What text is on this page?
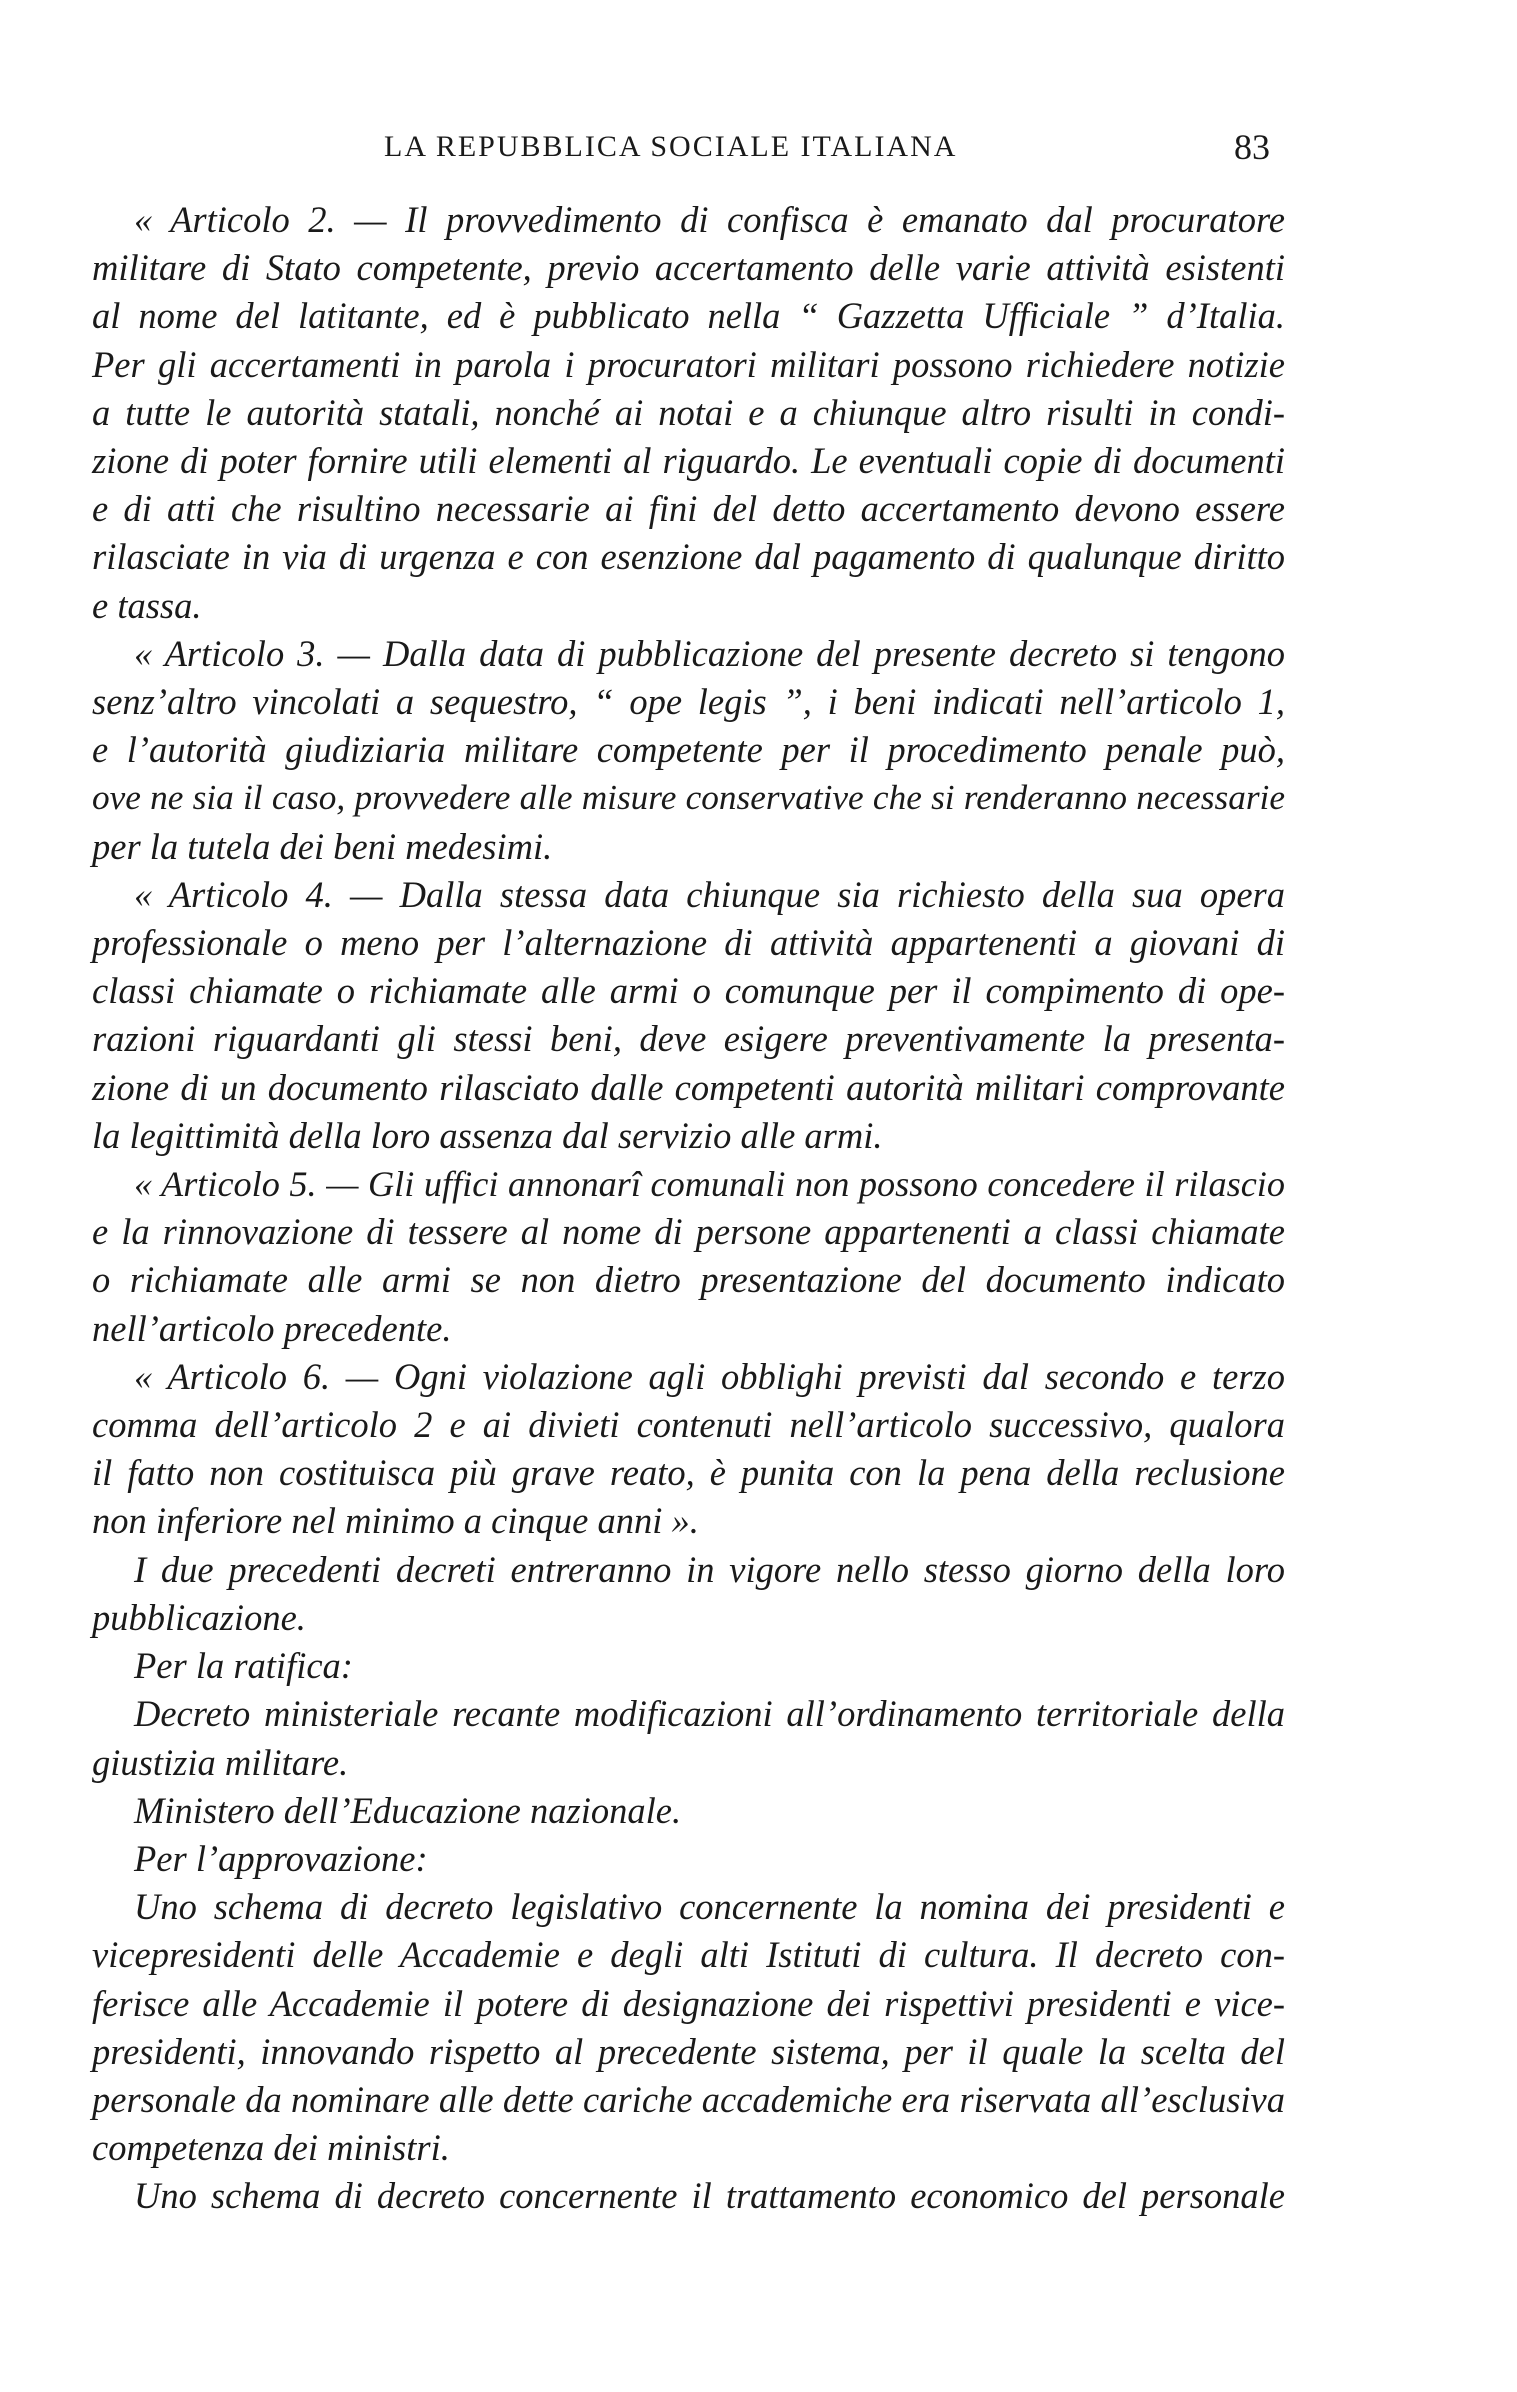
LA REPUBBLICA SOCIALE ITALIANA	83
« Articolo 2. — Il provvedimento di confisca è emanato dal procuratore
militare di Stato competente, previo accertamento delle varie attività esistenti
al nome del latitante, ed è pubblicato nella “ Gazzetta Ufficiale ” d’Italia.
Per gli accertamenti in parola i procuratori militari possono richiedere notizie
a tutte le autorità statali, nonché ai notai e a chiunque altro risulti in condi-
zione di poter fornire utili elementi al riguardo. Le eventuali copie di documenti
e di atti che risultino necessarie ai fini del detto accertamento devono essere
rilasciate in via di urgenza e con esenzione dal pagamento di qualunque diritto
e tassa.
« Articolo 3. — Dalla data di pubblicazione del presente decreto si tengono
senz’altro vincolati a sequestro, “ ope legis ”, i beni indicati nell’articolo 1,
e l’autorità giudiziaria militare competente per il procedimento penale può,
ove ne sia il caso, provvedere alle misure conservative che si renderanno necessarie
per la tutela dei beni medesimi.
« Articolo 4. — Dalla stessa data chiunque sia richiesto della sua opera
professionale o meno per l’alternazione di attività appartenenti a giovani di
classi chiamate o richiamate alle armi o comunque per il compimento di ope-
razioni riguardanti gli stessi beni, deve esigere preventivamente la presenta-
zione di un documento rilasciato dalle competenti autorità militari comprovante
la legittimità della loro assenza dal servizio alle armi.
« Articolo 5. — Gli uffici annonarî comunali non possono concedere il rilascio
e la rinnovazione di tessere al nome di persone appartenenti a classi chiamate
o richiamate alle armi se non dietro presentazione del documento indicato
nell’articolo precedente.
« Articolo 6. — Ogni violazione agli obblighi previsti dal secondo e terzo
comma dell’articolo 2 e ai divieti contenuti nell’articolo successivo, qualora
il fatto non costituisca più grave reato, è punita con la pena della reclusione
non inferiore nel minimo a cinque anni ».
I due precedenti decreti entreranno in vigore nello stesso giorno della loro
pubblicazione.
Per la ratifica:
Decreto ministeriale recante modificazioni all’ordinamento territoriale della
giustizia militare.
Ministero dell’Educazione nazionale.
Per l’approvazione:
Uno schema di decreto legislativo concernente la nomina dei presidenti e
vicepresidenti delle Accademie e degli alti Istituti di cultura. Il decreto con-
ferisce alle Accademie il potere di designazione dei rispettivi presidenti e vice-
presidenti, innovando rispetto al precedente sistema, per il quale la scelta del
personale da nominare alle dette cariche accademiche era riservata all’esclusiva
competenza dei ministri.
Uno schema di decreto concernente il trattamento economico del personale
